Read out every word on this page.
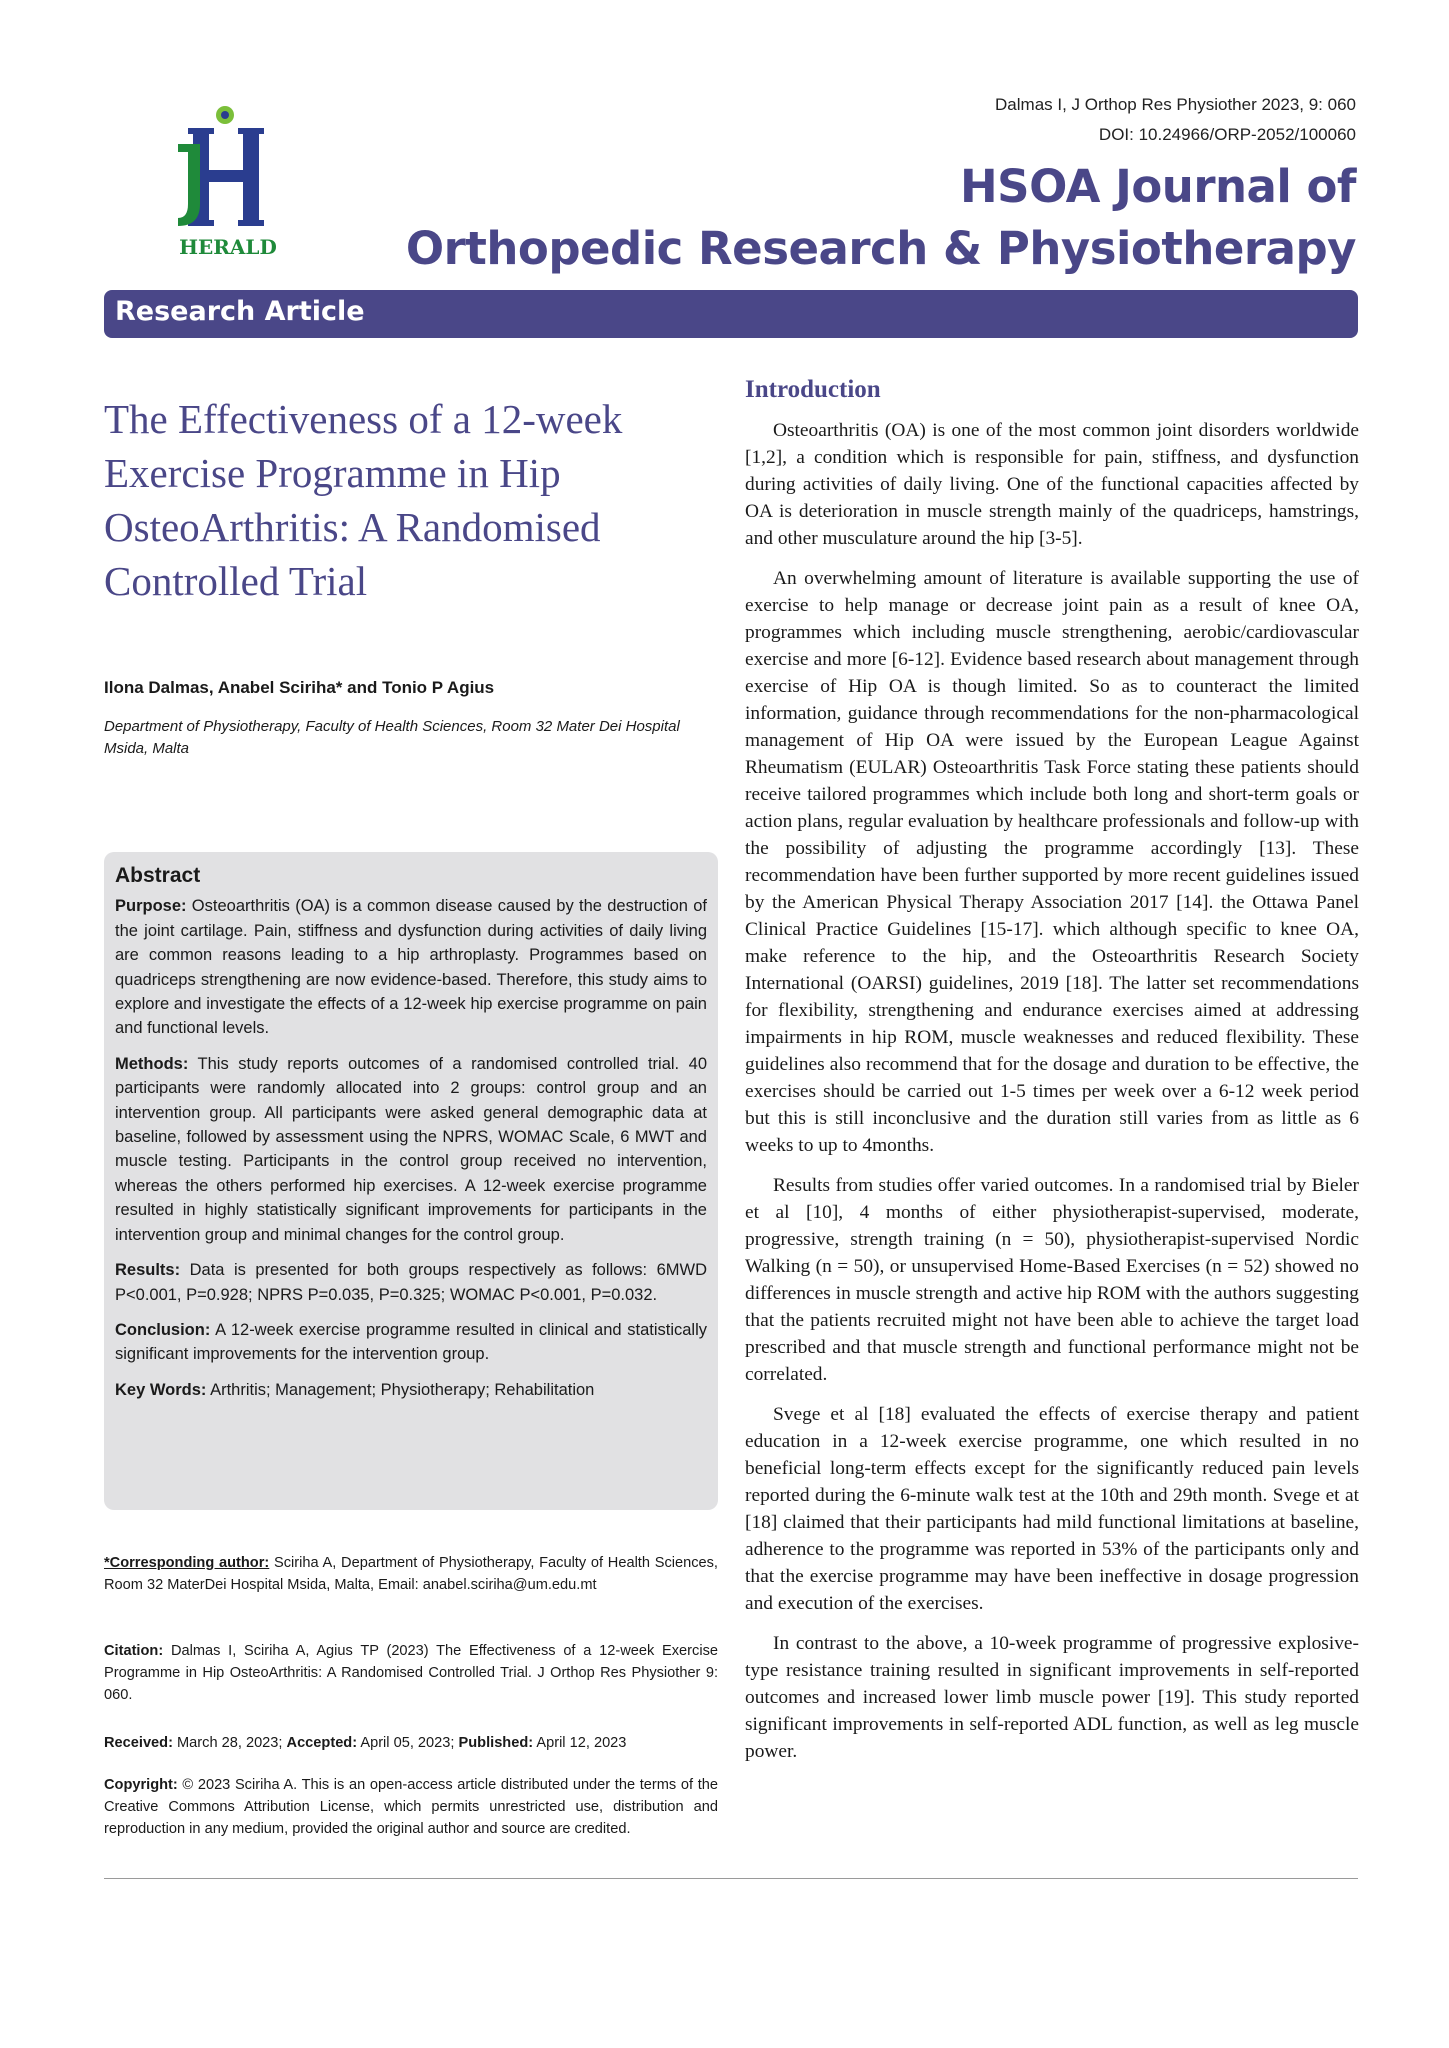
HERALD
Dalmas I, J Orthop Res Physiother 2023, 9: 060
DOI: 10.24966/ORP-2052/100060
HSOA Journal of
Orthopedic Research & Physiotherapy
Research Article
The Effectiveness of a 12-week Exercise Programme in Hip OsteoArthritis: A Randomised Controlled Trial
Ilona Dalmas, Anabel Sciriha* and Tonio P Agius
Department of Physiotherapy, Faculty of Health Sciences, Room 32 Mater Dei Hospital Msida, Malta
Abstract

Purpose: Osteoarthritis (OA) is a common disease caused by the destruction of the joint cartilage. Pain, stiffness and dysfunction during activities of daily living are common reasons leading to a hip arthroplasty. Programmes based on quadriceps strengthening are now evidence-based. Therefore, this study aims to explore and investigate the effects of a 12-week hip exercise programme on pain and functional levels.

Methods: This study reports outcomes of a randomised controlled trial. 40 participants were randomly allocated into 2 groups: control group and an intervention group. All participants were asked general demographic data at baseline, followed by assessment using the NPRS, WOMAC Scale, 6 MWT and muscle testing. Participants in the control group received no intervention, whereas the others performed hip exercises. A 12-week exercise programme resulted in highly statistically significant improvements for participants in the intervention group and minimal changes for the control group.

Results: Data is presented for both groups respectively as follows: 6MWD P<0.001, P=0.928; NPRS P=0.035, P=0.325; WOMAC P<0.001, P=0.032.

Conclusion: A 12-week exercise programme resulted in clinical and statistically significant improvements for the intervention group.

Key Words: Arthritis; Management; Physiotherapy; Rehabilitation

*Corresponding author: Sciriha A, Department of Physiotherapy, Faculty of Health Sciences, Room 32 MaterDei Hospital Msida, Malta, Email: anabel.sciriha@um.edu.mt
Citation: Dalmas I, Sciriha A, Agius TP (2023) The Effectiveness of a 12-week Exercise Programme in Hip OsteoArthritis: A Randomised Controlled Trial. J Orthop Res Physiother 9: 060.
Received: March 28, 2023; Accepted: April 05, 2023; Published: April 12, 2023
Copyright: © 2023 Sciriha A. This is an open-access article distributed under the terms of the Creative Commons Attribution License, which permits unrestricted use, distribution and reproduction in any medium, provided the original author and source are credited.
Introduction

Osteoarthritis (OA) is one of the most common joint disorders worldwide [1,2], a condition which is responsible for pain, stiffness, and dysfunction during activities of daily living. One of the functional capacities affected by OA is deterioration in muscle strength mainly of the quadriceps, hamstrings, and other musculature around the hip [3-5].

An overwhelming amount of literature is available supporting the use of exercise to help manage or decrease joint pain as a result of knee OA, programmes which including muscle strengthening, aerobic/cardiovascular exercise and more [6-12]. Evidence based research about management through exercise of Hip OA is though limited. So as to counteract the limited information, guidance through recommendations for the non-pharmacological management of Hip OA were issued by the European League Against Rheumatism (EULAR) Osteoarthritis Task Force stating these patients should receive tailored programmes which include both long and short-term goals or action plans, regular evaluation by healthcare professionals and follow-up with the possibility of adjusting the programme accordingly [13]. These recommendation have been further supported by more recent guidelines issued by the American Physical Therapy Association 2017 [14]. the Ottawa Panel Clinical Practice Guidelines [15-17]. which although specific to knee OA, make reference to the hip, and the Osteoarthritis Research Society International (OARSI) guidelines, 2019 [18]. The latter set recommendations for flexibility, strengthening and endurance exercises aimed at addressing impairments in hip ROM, muscle weaknesses and reduced flexibility. These guidelines also recommend that for the dosage and duration to be effective, the exercises should be carried out 1-5 times per week over a 6-12 week period but this is still inconclusive and the duration still varies from as little as 6 weeks to up to 4months.

Results from studies offer varied outcomes. In a randomised trial by Bieler et al [10], 4 months of either physiotherapist-supervised, moderate, progressive, strength training (n = 50), physiotherapist-supervised Nordic Walking (n = 50), or unsupervised Home-Based Exercises (n = 52) showed no differences in muscle strength and active hip ROM with the authors suggesting that the patients recruited might not have been able to achieve the target load prescribed and that muscle strength and functional performance might not be correlated.

Svege et al [18] evaluated the effects of exercise therapy and patient education in a 12-week exercise programme, one which resulted in no beneficial long-term effects except for the significantly reduced pain levels reported during the 6-minute walk test at the 10th and 29th month. Svege et at [18] claimed that their participants had mild functional limitations at baseline, adherence to the programme was reported in 53% of the participants only and that the exercise programme may have been ineffective in dosage progression and execution of the exercises.

In contrast to the above, a 10-week programme of progressive explosive-type resistance training resulted in significant improvements in self-reported outcomes and increased lower limb muscle power [19]. This study reported significant improvements in self-reported ADL function, as well as leg muscle power.
